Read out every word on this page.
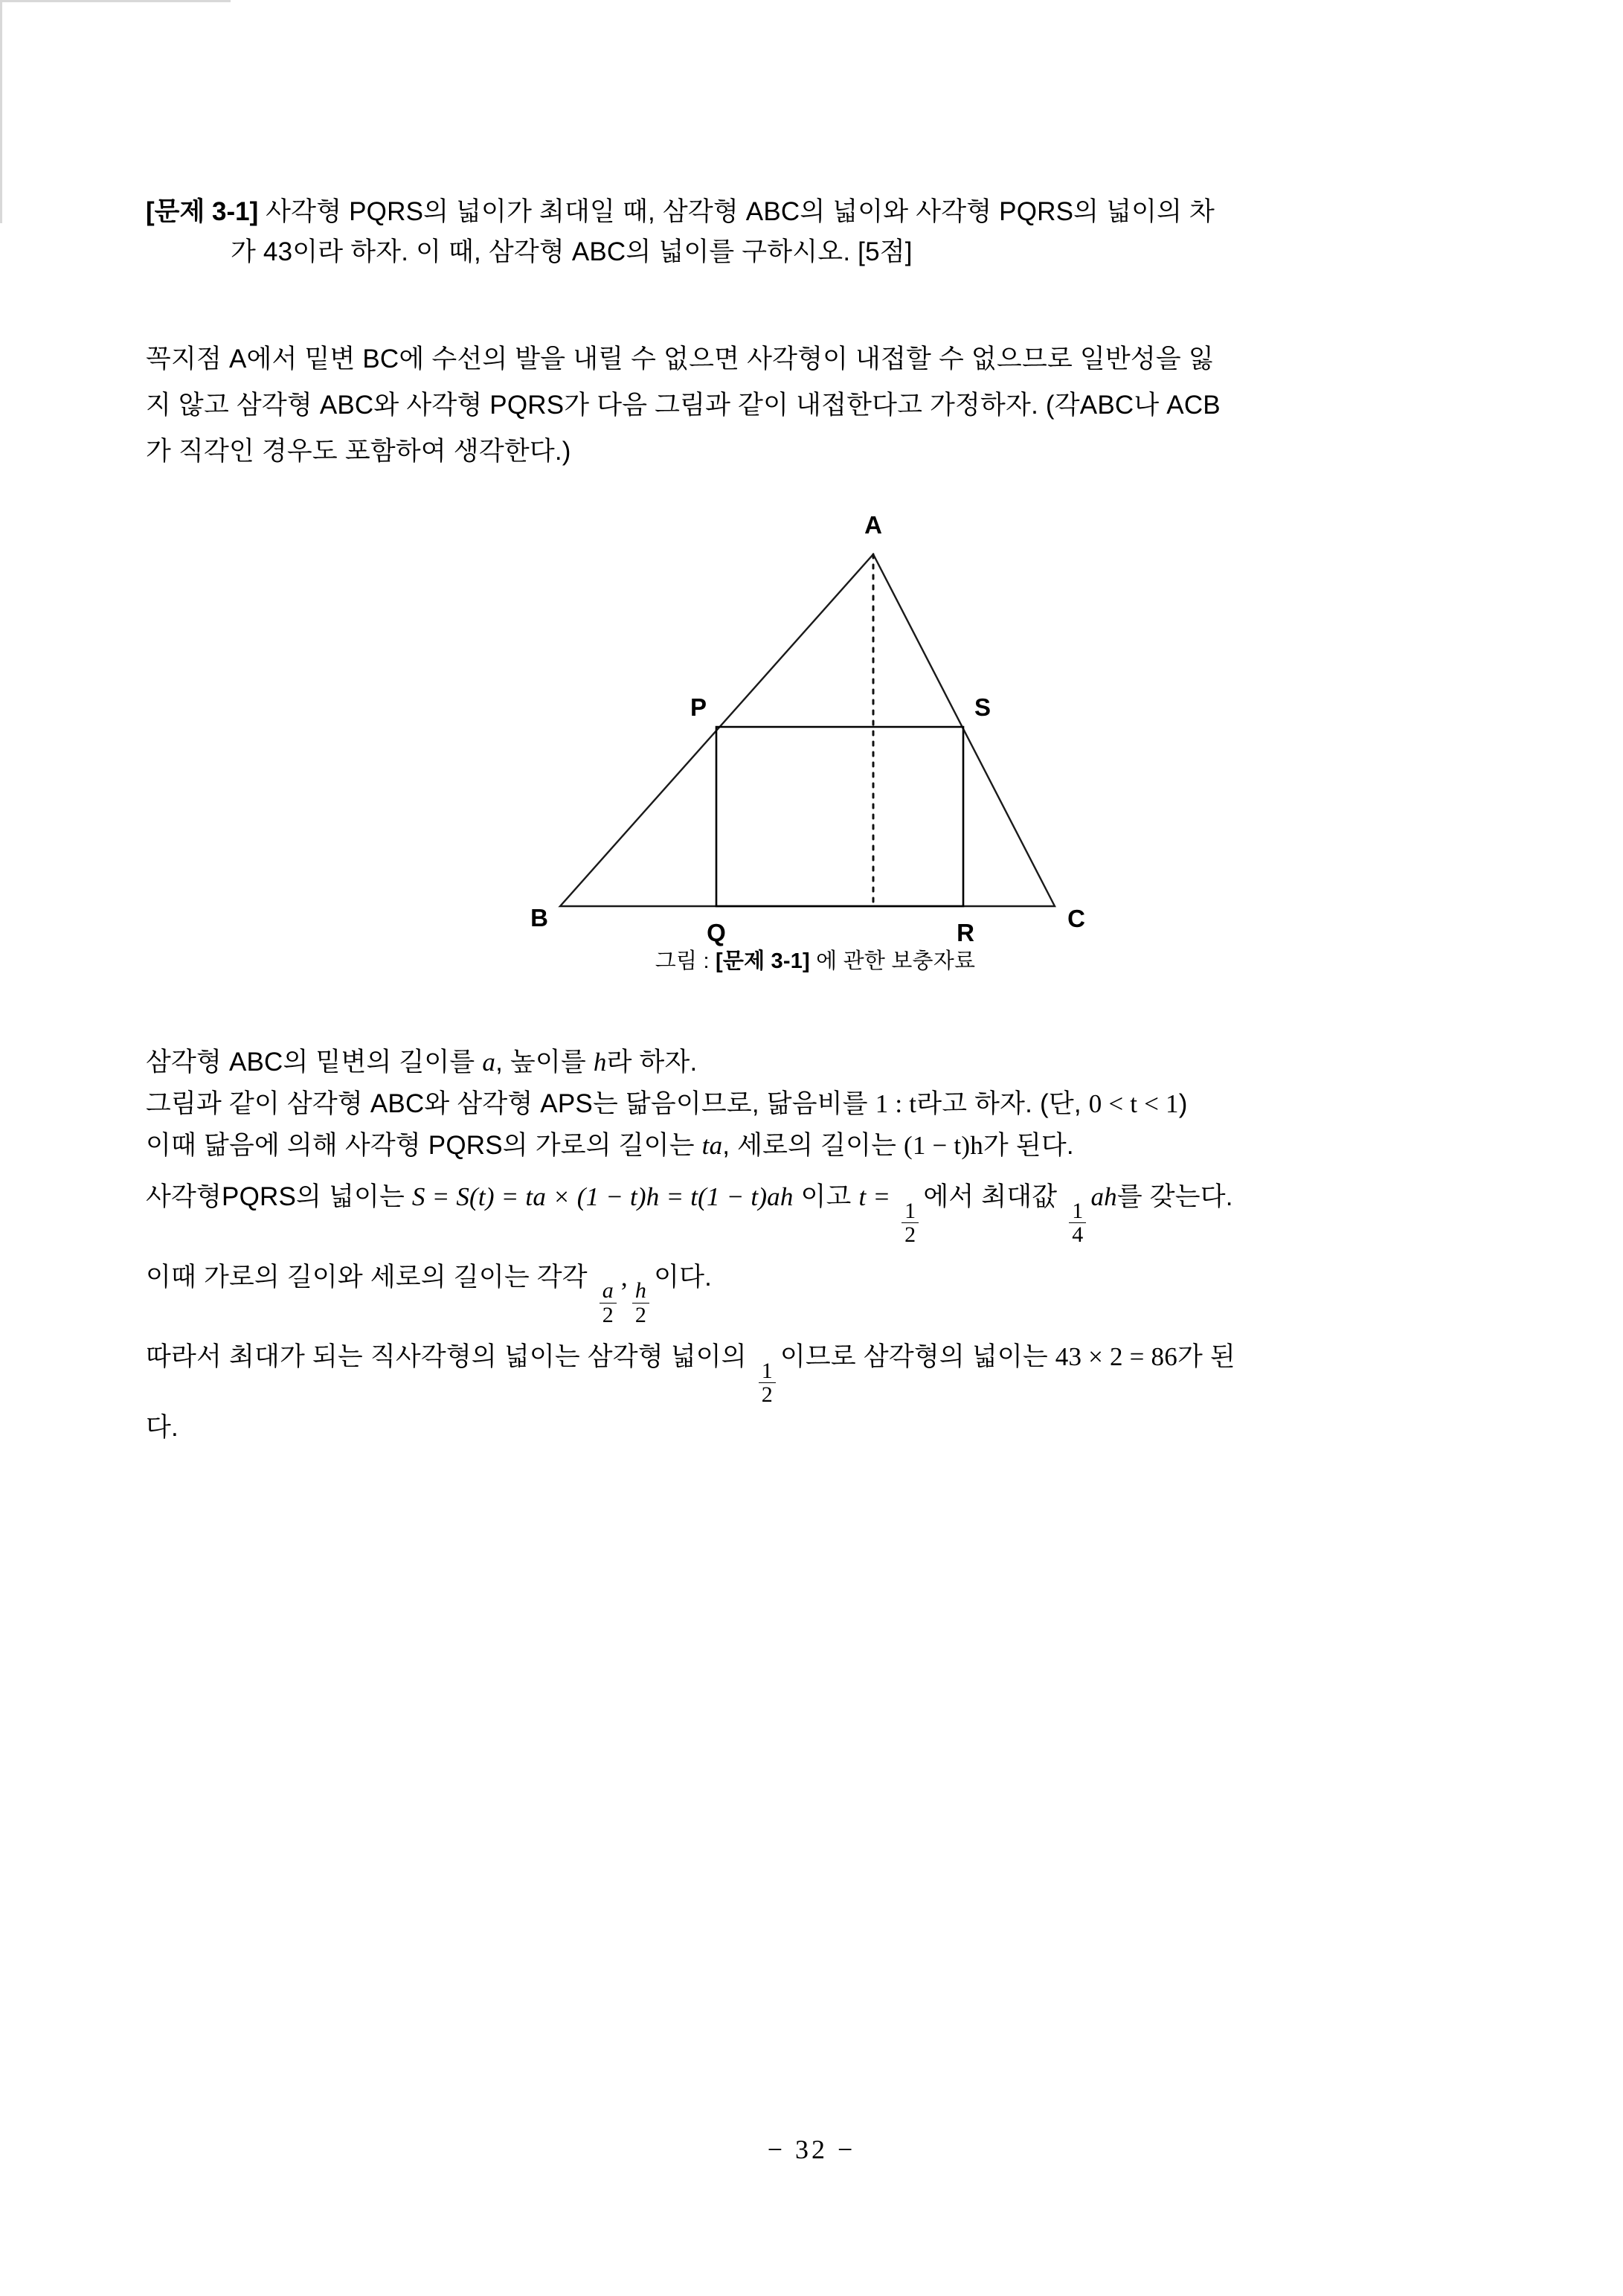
[문제 3-1] 사각형 PQRS의 넓이가 최대일 때, 삼각형 ABC의 넓이와 사각형 PQRS의 넓이의 차
가 43이라 하자. 이 때, 삼각형 ABC의 넓이를 구하시오. [5점]
꼭지점 A에서 밑변 BC에 수선의 발을 내릴 수 없으면 사각형이 내접할 수 없으므로 일반성을 잃
지 않고 삼각형 ABC와 사각형 PQRS가 다음 그림과 같이 내접한다고 가정하자. (각ABC나 ACB
가 직각인 경우도 포함하여 생각한다.)
A
B	C
P
Q	R
S
그림 : [문제 3-1] 에 관한 보충자료
삼각형 ABC의 밑변의 길이를 a, 높이를 h라 하자.
그림과 같이 삼각형 ABC와 삼각형 APS는 닮음이므로, 닮음비를 1 : t라고 하자. (단, 0 < t < 1)
이때 닮음에 의해 사각형 PQRS의 가로의 길이는 ta, 세로의 길이는 (1 − t)h가 된다.
사각형PQRS의 넓이는 S = S(t) = ta × (1 − t)h = t(1 − t)ah 이고 t =
$\frac{1}{2}$
에서 최대값
$\frac{1}{4}$
ah를 갖는다.
이때 가로의 길이와 세로의 길이는 각각
$\frac{a}{2}$
,
$\frac{h}{2}$
이다.
따라서 최대가 되는 직사각형의 넓이는 삼각형 넓이의
$\frac{1}{2}$
이므로 삼각형의 넓이는 43 × 2 = 86가 된
다.
− 32 −
